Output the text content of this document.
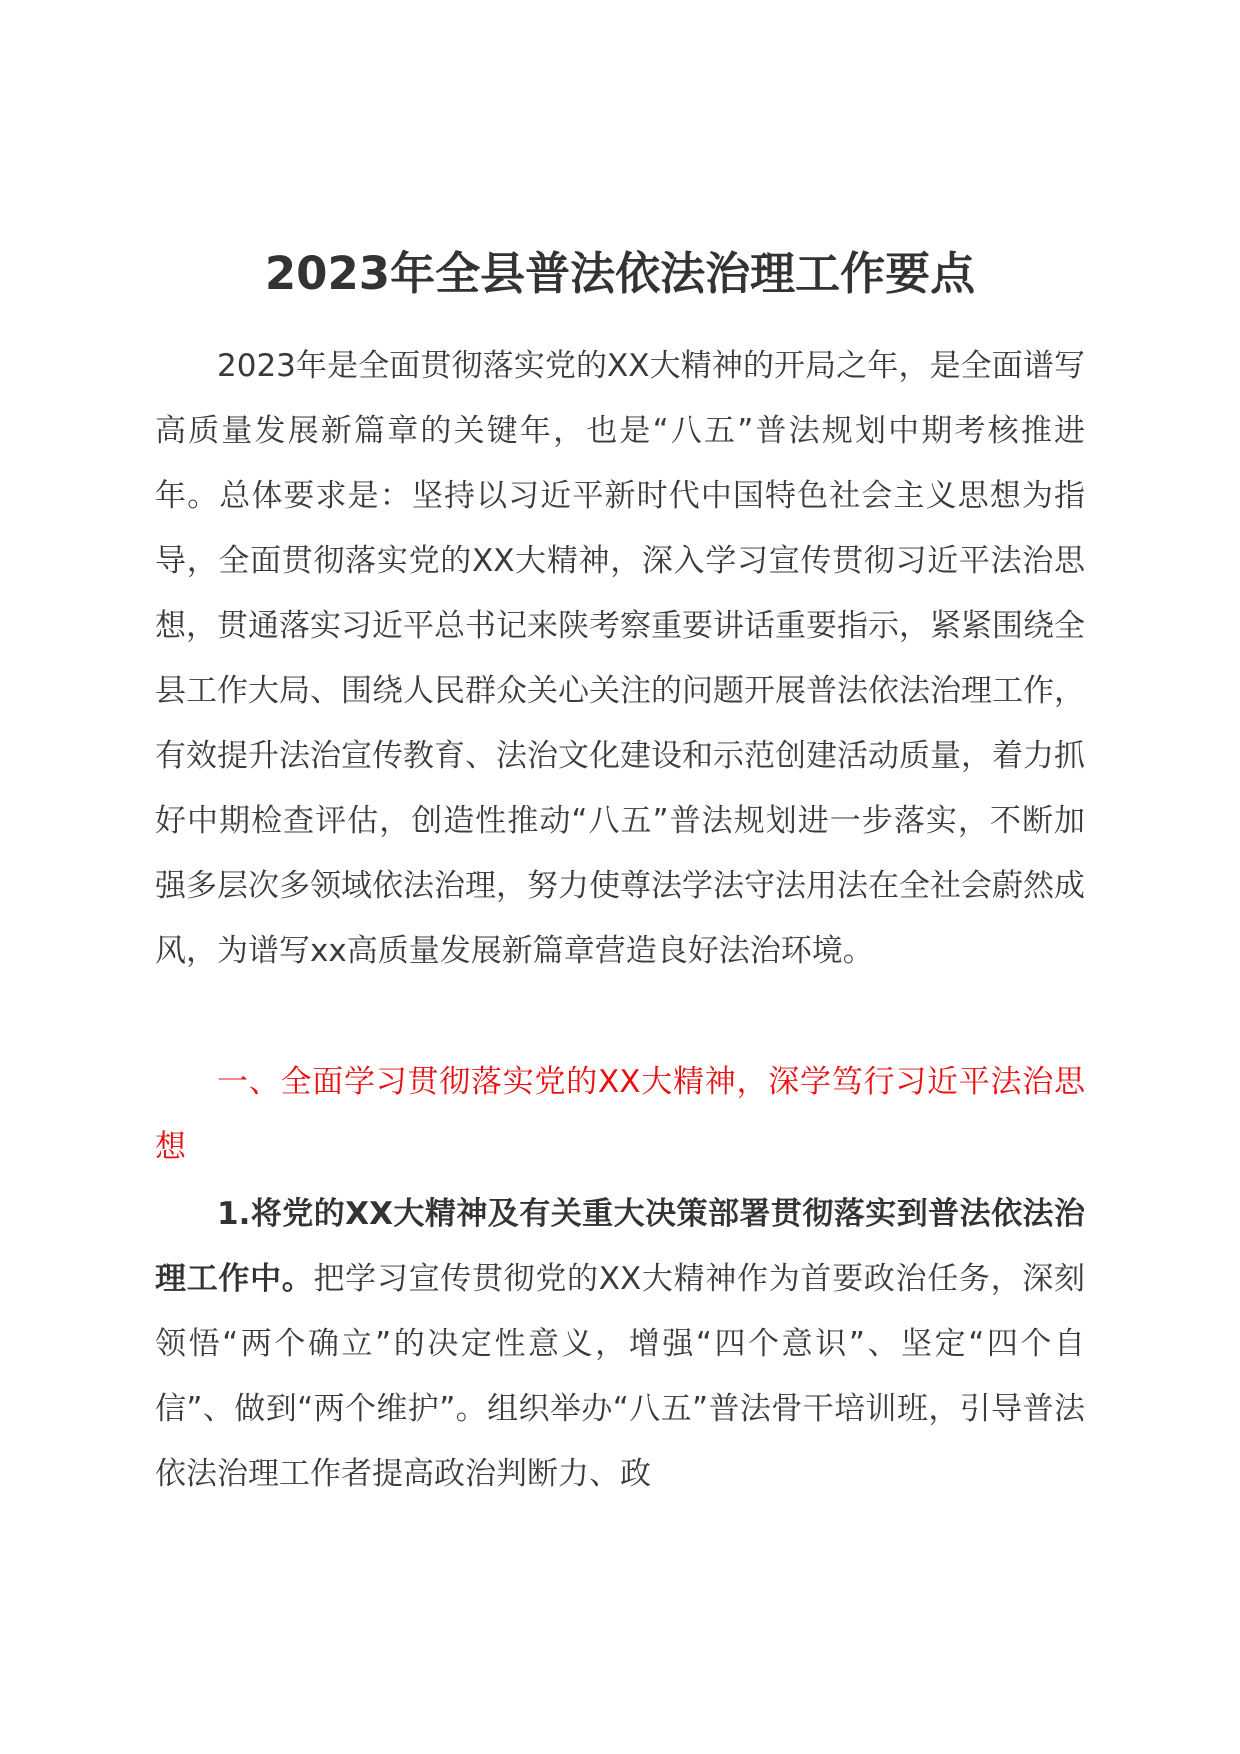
2023年全县普法依法治理工作要点

2023年是全面贯彻落实党的XX大精神的开局之年，是全面谱写高质量发展新篇章的关键年，也是“八五”普法规划中期考核推进年。总体要求是：坚持以习近平新时代中国特色社会主义思想为指导，全面贯彻落实党的XX大精神，深入学习宣传贯彻习近平法治思想，贯通落实习近平总书记来陕考察重要讲话重要指示，紧紧围绕全县工作大局、围绕人民群众关心关注的问题开展普法依法治理工作，有效提升法治宣传教育、法治文化建设和示范创建活动质量，着力抓好中期检查评估，创造性推动“八五”普法规划进一步落实，不断加强多层次多领域依法治理，努力使尊法学法守法用法在全社会蔚然成风，为谱写xx高质量发展新篇章营造良好法治环境。

一、全面学习贯彻落实党的XX大精神，深学笃行习近平法治思想

1.将党的XX大精神及有关重大决策部署贯彻落实到普法依法治理工作中。把学习宣传贯彻党的XX大精神作为首要政治任务，深刻领悟“两个确立”的决定性意义，增强“四个意识”、坚定“四个自信”、做到“两个维护”。组织举办“八五”普法骨干培训班，引导普法依法治理工作者提高政治判断力、政
